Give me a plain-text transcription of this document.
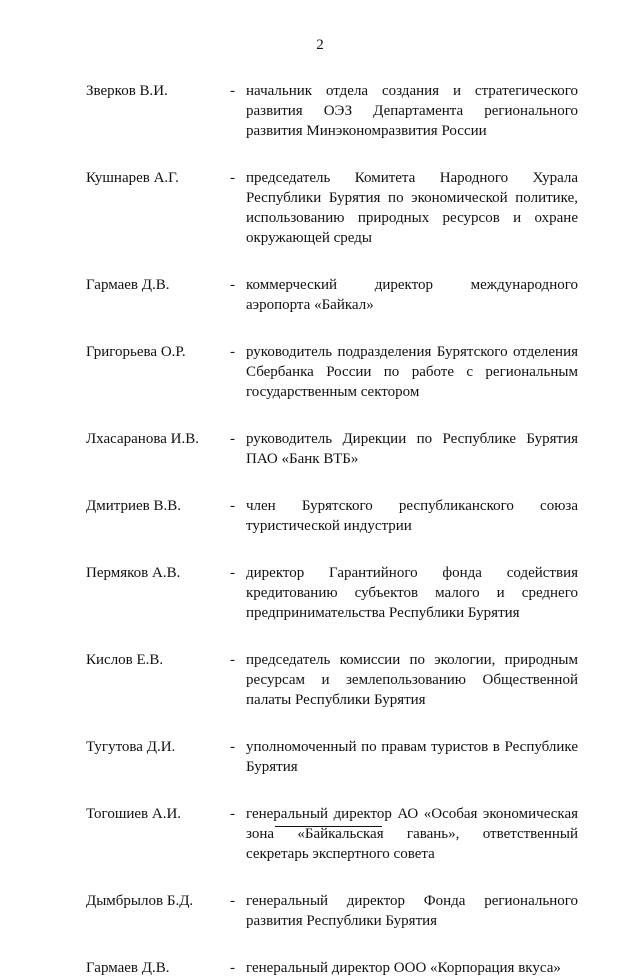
2
Зверков В.И.	- начальник отдела создания и стратегического развития ОЭЗ Департамента регионального развития Минэкономразвития России
Кушнарев А.Г.	- председатель Комитета Народного Хурала Республики Бурятия по экономической политике, использованию природных ресурсов и охране окружающей среды
Гармаев Д.В.	- коммерческий директор международного аэропорта «Байкал»
Григорьева О.Р.	- руководитель подразделения Бурятского отделения Сбербанка России по работе с региональным государственным сектором
Лхасаранова И.В.	- руководитель Дирекции по Республике Бурятия ПАО «Банк ВТБ»
Дмитриев В.В.	- член Бурятского республиканского союза туристической индустрии
Пермяков А.В.	- директор Гарантийного фонда содействия кредитованию субъектов малого и среднего предпринимательства Республики Бурятия
Кислов Е.В.	- председатель комиссии по экологии, природным ресурсам и землепользованию Общественной палаты Республики Бурятия
Тугутова Д.И.	- уполномоченный по правам туристов в Республике Бурятия
Тогошиев А.И.	- генеральный директор АО «Особая экономическая зона «Байкальская гавань», ответственный секретарь экспертного совета
Дымбрылов Б.Д.	- генеральный директор Фонда регионального развития Республики Бурятия
Гармаев Д.В.	- генеральный директор ООО «Корпорация вкуса»
